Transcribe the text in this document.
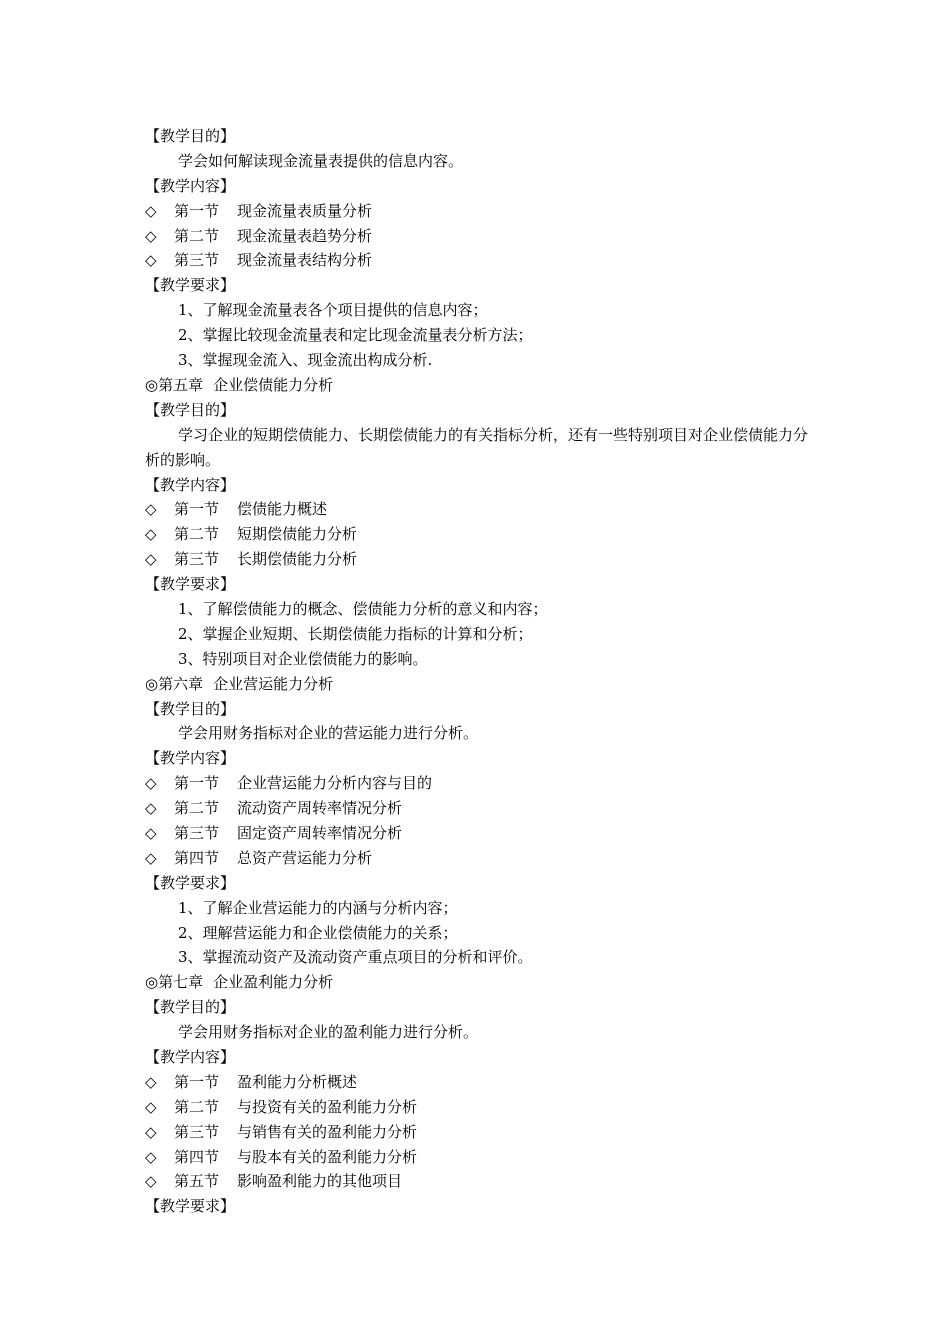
【教学目的】
学会如何解读现金流量表提供的信息内容。
【教学内容】
◇ 第一节 现金流量表质量分析
◇ 第二节 现金流量表趋势分析
◇ 第三节 现金流量表结构分析
【教学要求】
1、了解现金流量表各个项目提供的信息内容；
2、掌握比较现金流量表和定比现金流量表分析方法；
3、掌握现金流入、现金流出构成分析.
◎第五章 企业偿债能力分析
【教学目的】
学习企业的短期偿债能力、长期偿债能力的有关指标分析，还有一些特别项目对企业偿债能力分析的影响。
【教学内容】
◇ 第一节 偿债能力概述
◇ 第二节 短期偿债能力分析
◇ 第三节 长期偿债能力分析
【教学要求】
1、了解偿债能力的概念、偿债能力分析的意义和内容；
2、掌握企业短期、长期偿债能力指标的计算和分析；
3、特别项目对企业偿债能力的影响。
◎第六章 企业营运能力分析
【教学目的】
学会用财务指标对企业的营运能力进行分析。
【教学内容】
◇ 第一节 企业营运能力分析内容与目的
◇ 第二节 流动资产周转率情况分析
◇ 第三节 固定资产周转率情况分析
◇ 第四节 总资产营运能力分析
【教学要求】
1、了解企业营运能力的内涵与分析内容；
2、理解营运能力和企业偿债能力的关系；
3、掌握流动资产及流动资产重点项目的分析和评价。
◎第七章 企业盈利能力分析
【教学目的】
学会用财务指标对企业的盈利能力进行分析。
【教学内容】
◇ 第一节 盈利能力分析概述
◇ 第二节 与投资有关的盈利能力分析
◇ 第三节 与销售有关的盈利能力分析
◇ 第四节 与股本有关的盈利能力分析
◇ 第五节 影响盈利能力的其他项目
【教学要求】
